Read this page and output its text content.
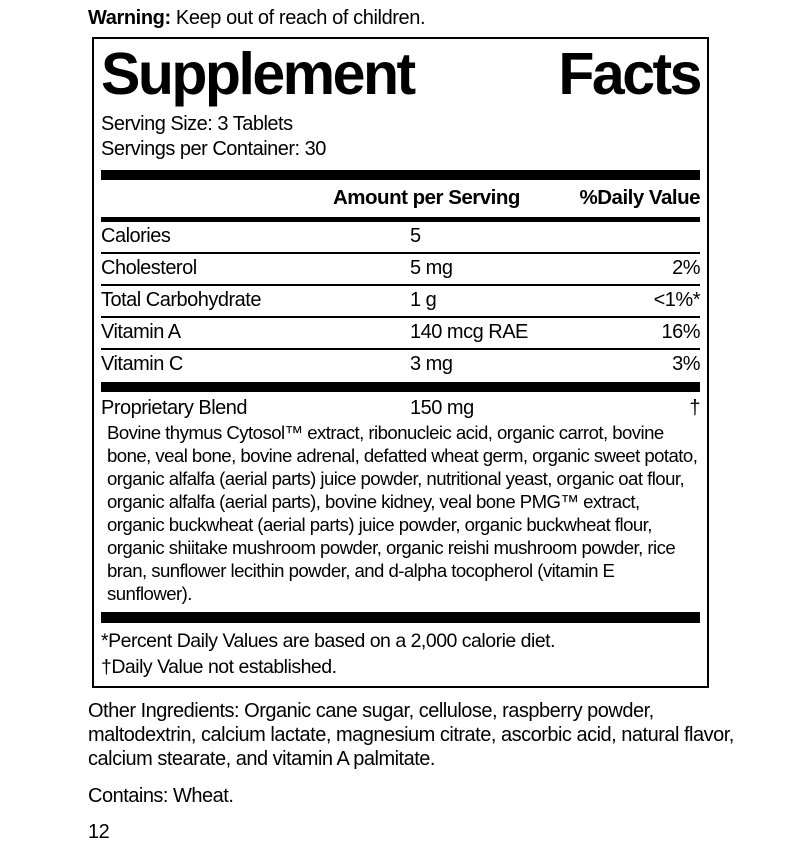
Warning: Keep out of reach of children.
Supplement Facts
Serving Size: 3 Tablets
Servings per Container: 30
Amount per Serving	%Daily Value
Calories	5
Cholesterol	5 mg	2%
Total Carbohydrate	1 g	<1%*
Vitamin A	140 mcg RAE	16%
Vitamin C	3 mg	3%
Proprietary Blend	150 mg	†
Bovine thymus Cytosol™ extract, ribonucleic acid, organic carrot, bovine bone, veal bone, bovine adrenal, defatted wheat germ, organic sweet potato, organic alfalfa (aerial parts) juice powder, nutritional yeast, organic oat flour, organic alfalfa (aerial parts), bovine kidney, veal bone PMG™ extract, organic buckwheat (aerial parts) juice powder, organic buckwheat flour, organic shiitake mushroom powder, organic reishi mushroom powder, rice bran, sunflower lecithin powder, and d-alpha tocopherol (vitamin E sunflower).
*Percent Daily Values are based on a 2,000 calorie diet.
†Daily Value not established.
Other Ingredients: Organic cane sugar, cellulose, raspberry powder, maltodextrin, calcium lactate, magnesium citrate, ascorbic acid, natural flavor, calcium stearate, and vitamin A palmitate.
Contains: Wheat.
12
